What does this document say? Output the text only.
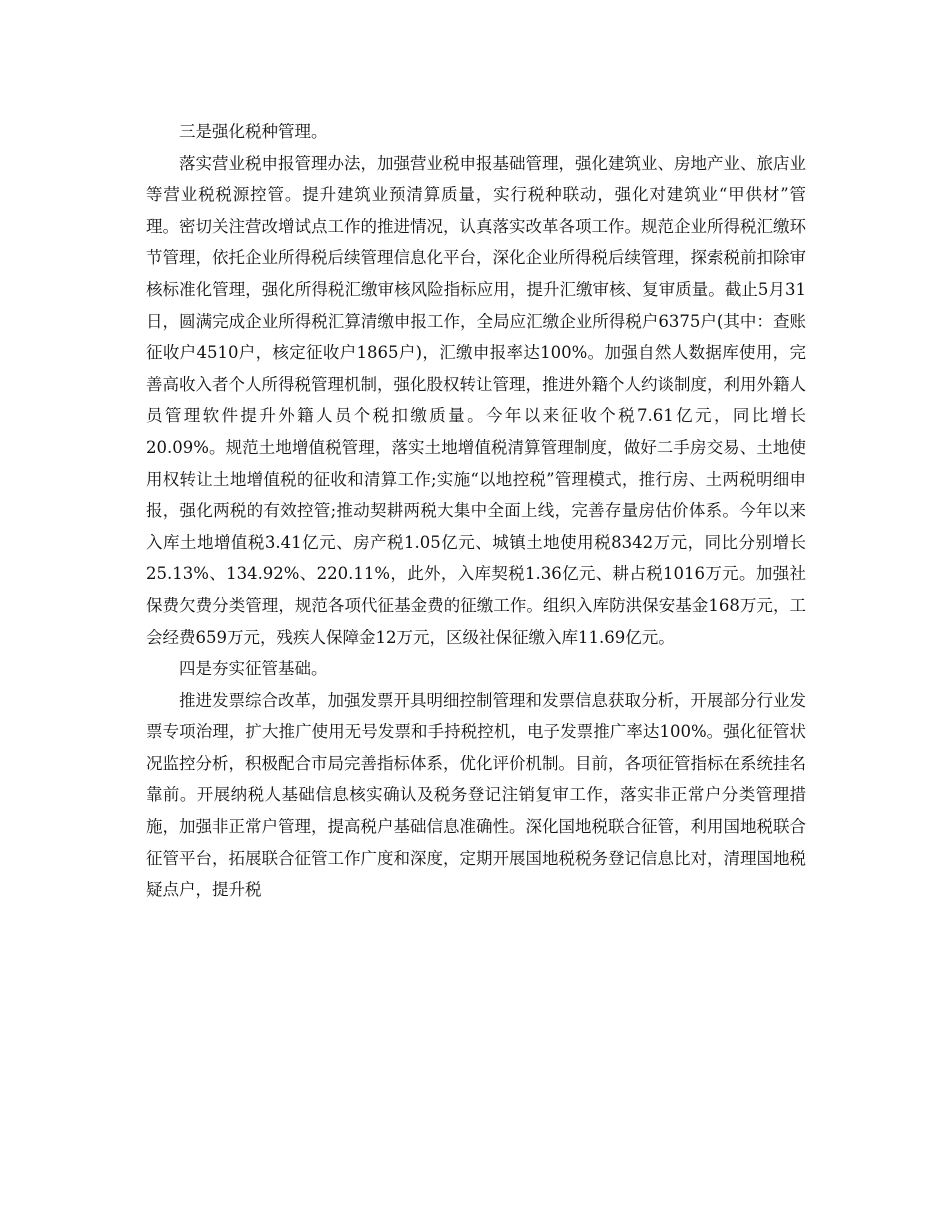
三是强化税种管理。

落实营业税申报管理办法，加强营业税申报基础管理，强化建筑业、房地产业、旅店业等营业税税源控管。提升建筑业预清算质量，实行税种联动，强化对建筑业“甲供材”管理。密切关注营改增试点工作的推进情况，认真落实改革各项工作。规范企业所得税汇缴环节管理，依托企业所得税后续管理信息化平台，深化企业所得税后续管理，探索税前扣除审核标准化管理，强化所得税汇缴审核风险指标应用，提升汇缴审核、复审质量。截止5月31日，圆满完成企业所得税汇算清缴申报工作，全局应汇缴企业所得税户6375户(其中：查账征收户4510户，核定征收户1865户)，汇缴申报率达100%。加强自然人数据库使用，完善高收入者个人所得税管理机制，强化股权转让管理，推进外籍个人约谈制度，利用外籍人员管理软件提升外籍人员个税扣缴质量。今年以来征收个税7.61亿元，同比增长20.09%。规范土地增值税管理，落实土地增值税清算管理制度，做好二手房交易、土地使用权转让土地增值税的征收和清算工作;实施“以地控税”管理模式，推行房、土两税明细申报，强化两税的有效控管;推动契耕两税大集中全面上线，完善存量房估价体系。今年以来入库土地增值税3.41亿元、房产税1.05亿元、城镇土地使用税8342万元，同比分别增长25.13%、134.92%、220.11%，此外，入库契税1.36亿元、耕占税1016万元。加强社保费欠费分类管理，规范各项代征基金费的征缴工作。组织入库防洪保安基金168万元，工会经费659万元，残疾人保障金12万元，区级社保征缴入库11.69亿元。

四是夯实征管基础。

推进发票综合改革，加强发票开具明细控制管理和发票信息获取分析，开展部分行业发票专项治理，扩大推广使用无号发票和手持税控机，电子发票推广率达100%。强化征管状况监控分析，积极配合市局完善指标体系，优化评价机制。目前，各项征管指标在系统挂名靠前。开展纳税人基础信息核实确认及税务登记注销复审工作，落实非正常户分类管理措施，加强非正常户管理，提高税户基础信息准确性。深化国地税联合征管，利用国地税联合征管平台，拓展联合征管工作广度和深度，定期开展国地税税务登记信息比对，清理国地税疑点户，提升税
